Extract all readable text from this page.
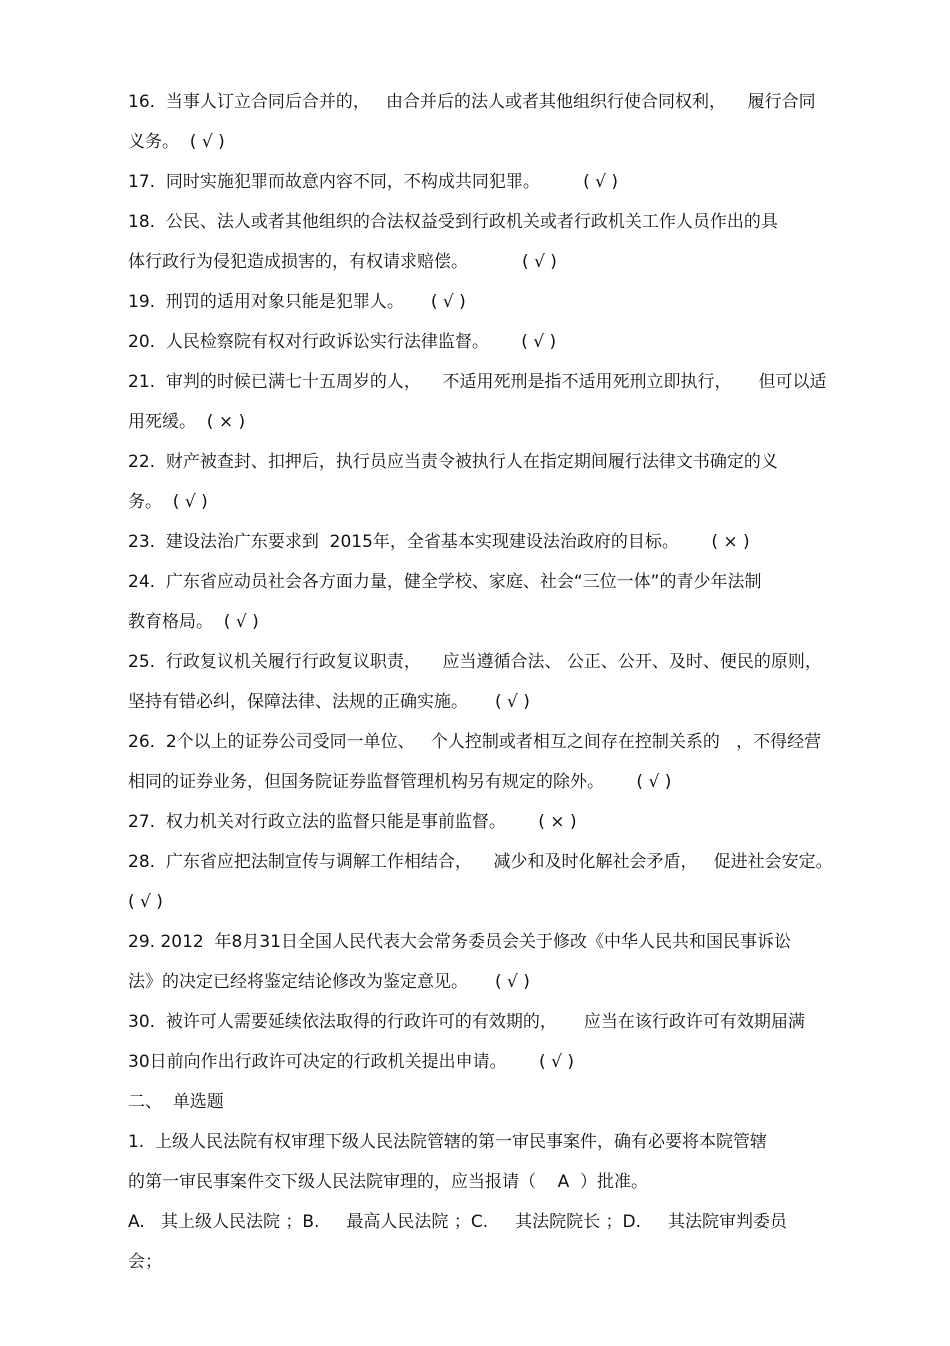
16.  当事人订立合同后合并的，   由合并后的法人或者其他组织行使合同权利，    履行合同
义务。  ( √ )
17.  同时实施犯罪而故意内容不同，不构成共同犯罪。        ( √ )
18.  公民、法人或者其他组织的合法权益受到行政机关或者行政机关工作人员作出的具
体行政行为侵犯造成损害的，有权请求赔偿。          ( √ )
19.  刑罚的适用对象只能是犯罪人。     ( √ )
20.  人民检察院有权对行政诉讼实行法律监督。      ( √ )
21.  审判的时候已满七十五周岁的人，    不适用死刑是指不适用死刑立即执行，     但可以适
用死缓。  ( × )
22.  财产被查封、扣押后，执行员应当责令被执行人在指定期间履行法律文书确定的义
务。  ( √ )
23.  建设法治广东要求到  2015年，全省基本实现建设法治政府的目标。      ( × )
24.  广东省应动员社会各方面力量，健全学校、家庭、社会“三位一体”的青少年法制
教育格局。  ( √ )
25.  行政复议机关履行行政复议职责，    应当遵循合法、 公正、公开、及时、便民的原则，
坚持有错必纠，保障法律、法规的正确实施。     ( √ )
26.  2个以上的证券公司受同一单位、   个人控制或者相互之间存在控制关系的   ，不得经营
相同的证券业务，但国务院证券监督管理机构另有规定的除外。      ( √ )
27.  权力机关对行政立法的监督只能是事前监督。      ( × )
28.  广东省应把法制宣传与调解工作相结合，    减少和及时化解社会矛盾，   促进社会安定。
( √ )
29. 2012  年8月31日全国人民代表大会常务委员会关于修改《中华人民共和国民事诉讼
法》的决定已经将鉴定结论修改为鉴定意见。     ( √ )
30.  被许可人需要延续依法取得的行政许可的有效期的，     应当在该行政许可有效期届满
30日前向作出行政许可决定的行政机关提出申请。      ( √ )
二、  单选题
1.  上级人民法院有权审理下级人民法院管辖的第一审民事案件，确有必要将本院管辖
的第一审民事案件交下级人民法院审理的，应当报请（    A  ）批准。
A.   其上级人民法院 ；B.     最高人民法院 ；C.     其法院院长 ；D.     其法院审判委员
会；
